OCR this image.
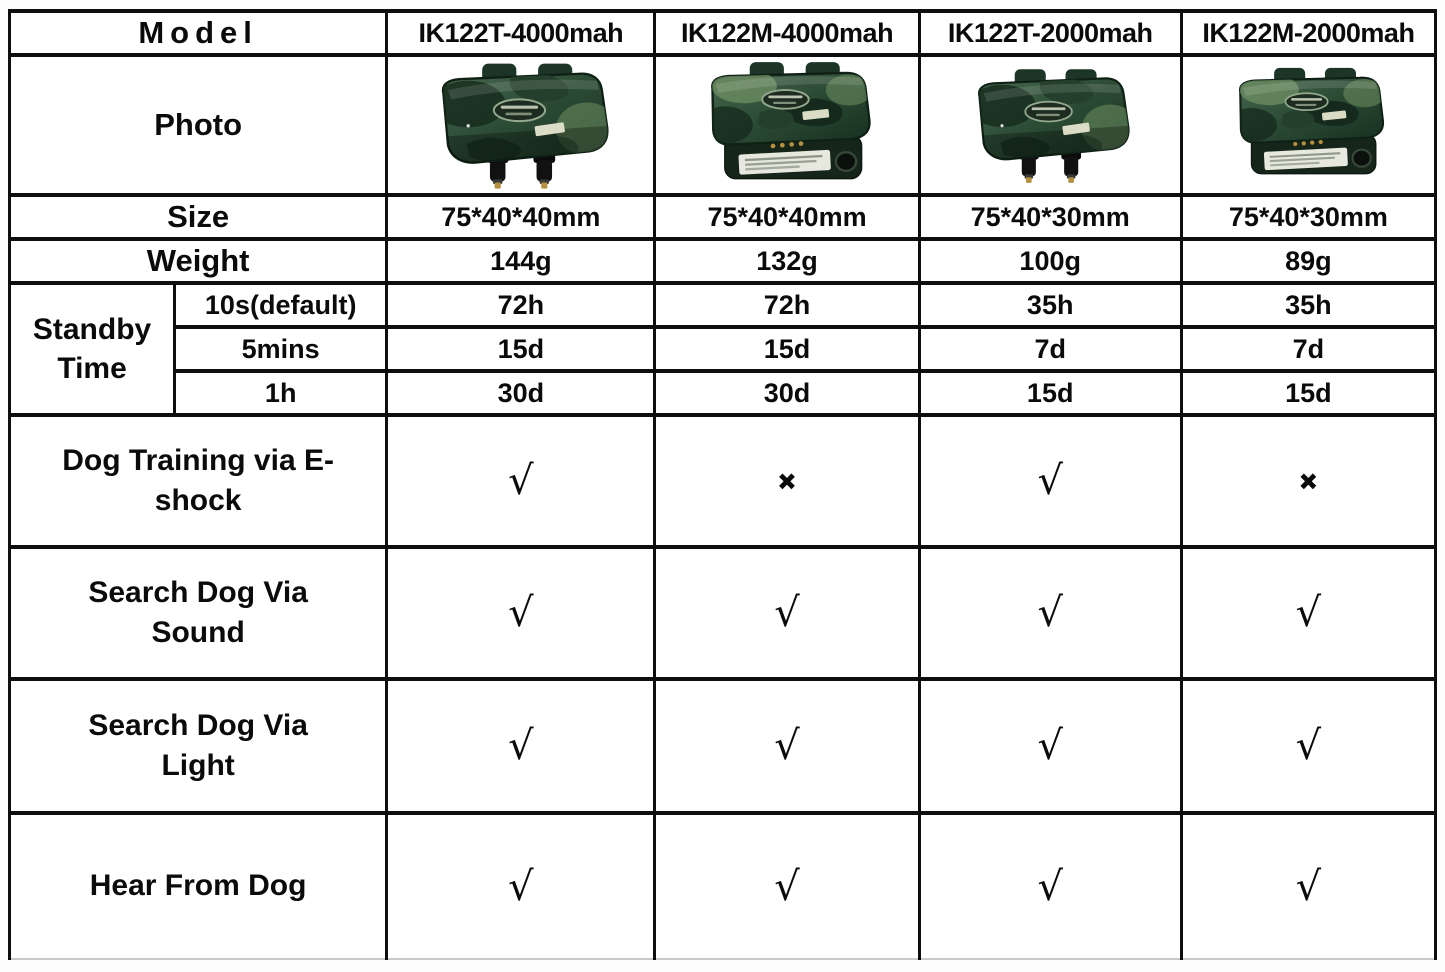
Model		IK122T-4000mah	IK122M-4000mah	IK122T-2000mah	IK122M-2000mah
Photo	

Size		75*40*40mm	75*40*40mm	75*40*30mm	75*40*30mm
Weight		144g	132g	100g	89g
Standby Time	10s(default)	72h	72h	35h	35h
	5mins	15d	15d	7d	7d
	1h	30d	30d	15d	15d
Dog Training via E-shock		√	×	√	×
Search Dog Via Sound		√	√	√	√
Search Dog Via Light		√	√	√	√
Hear From Dog		√	√	√	√
